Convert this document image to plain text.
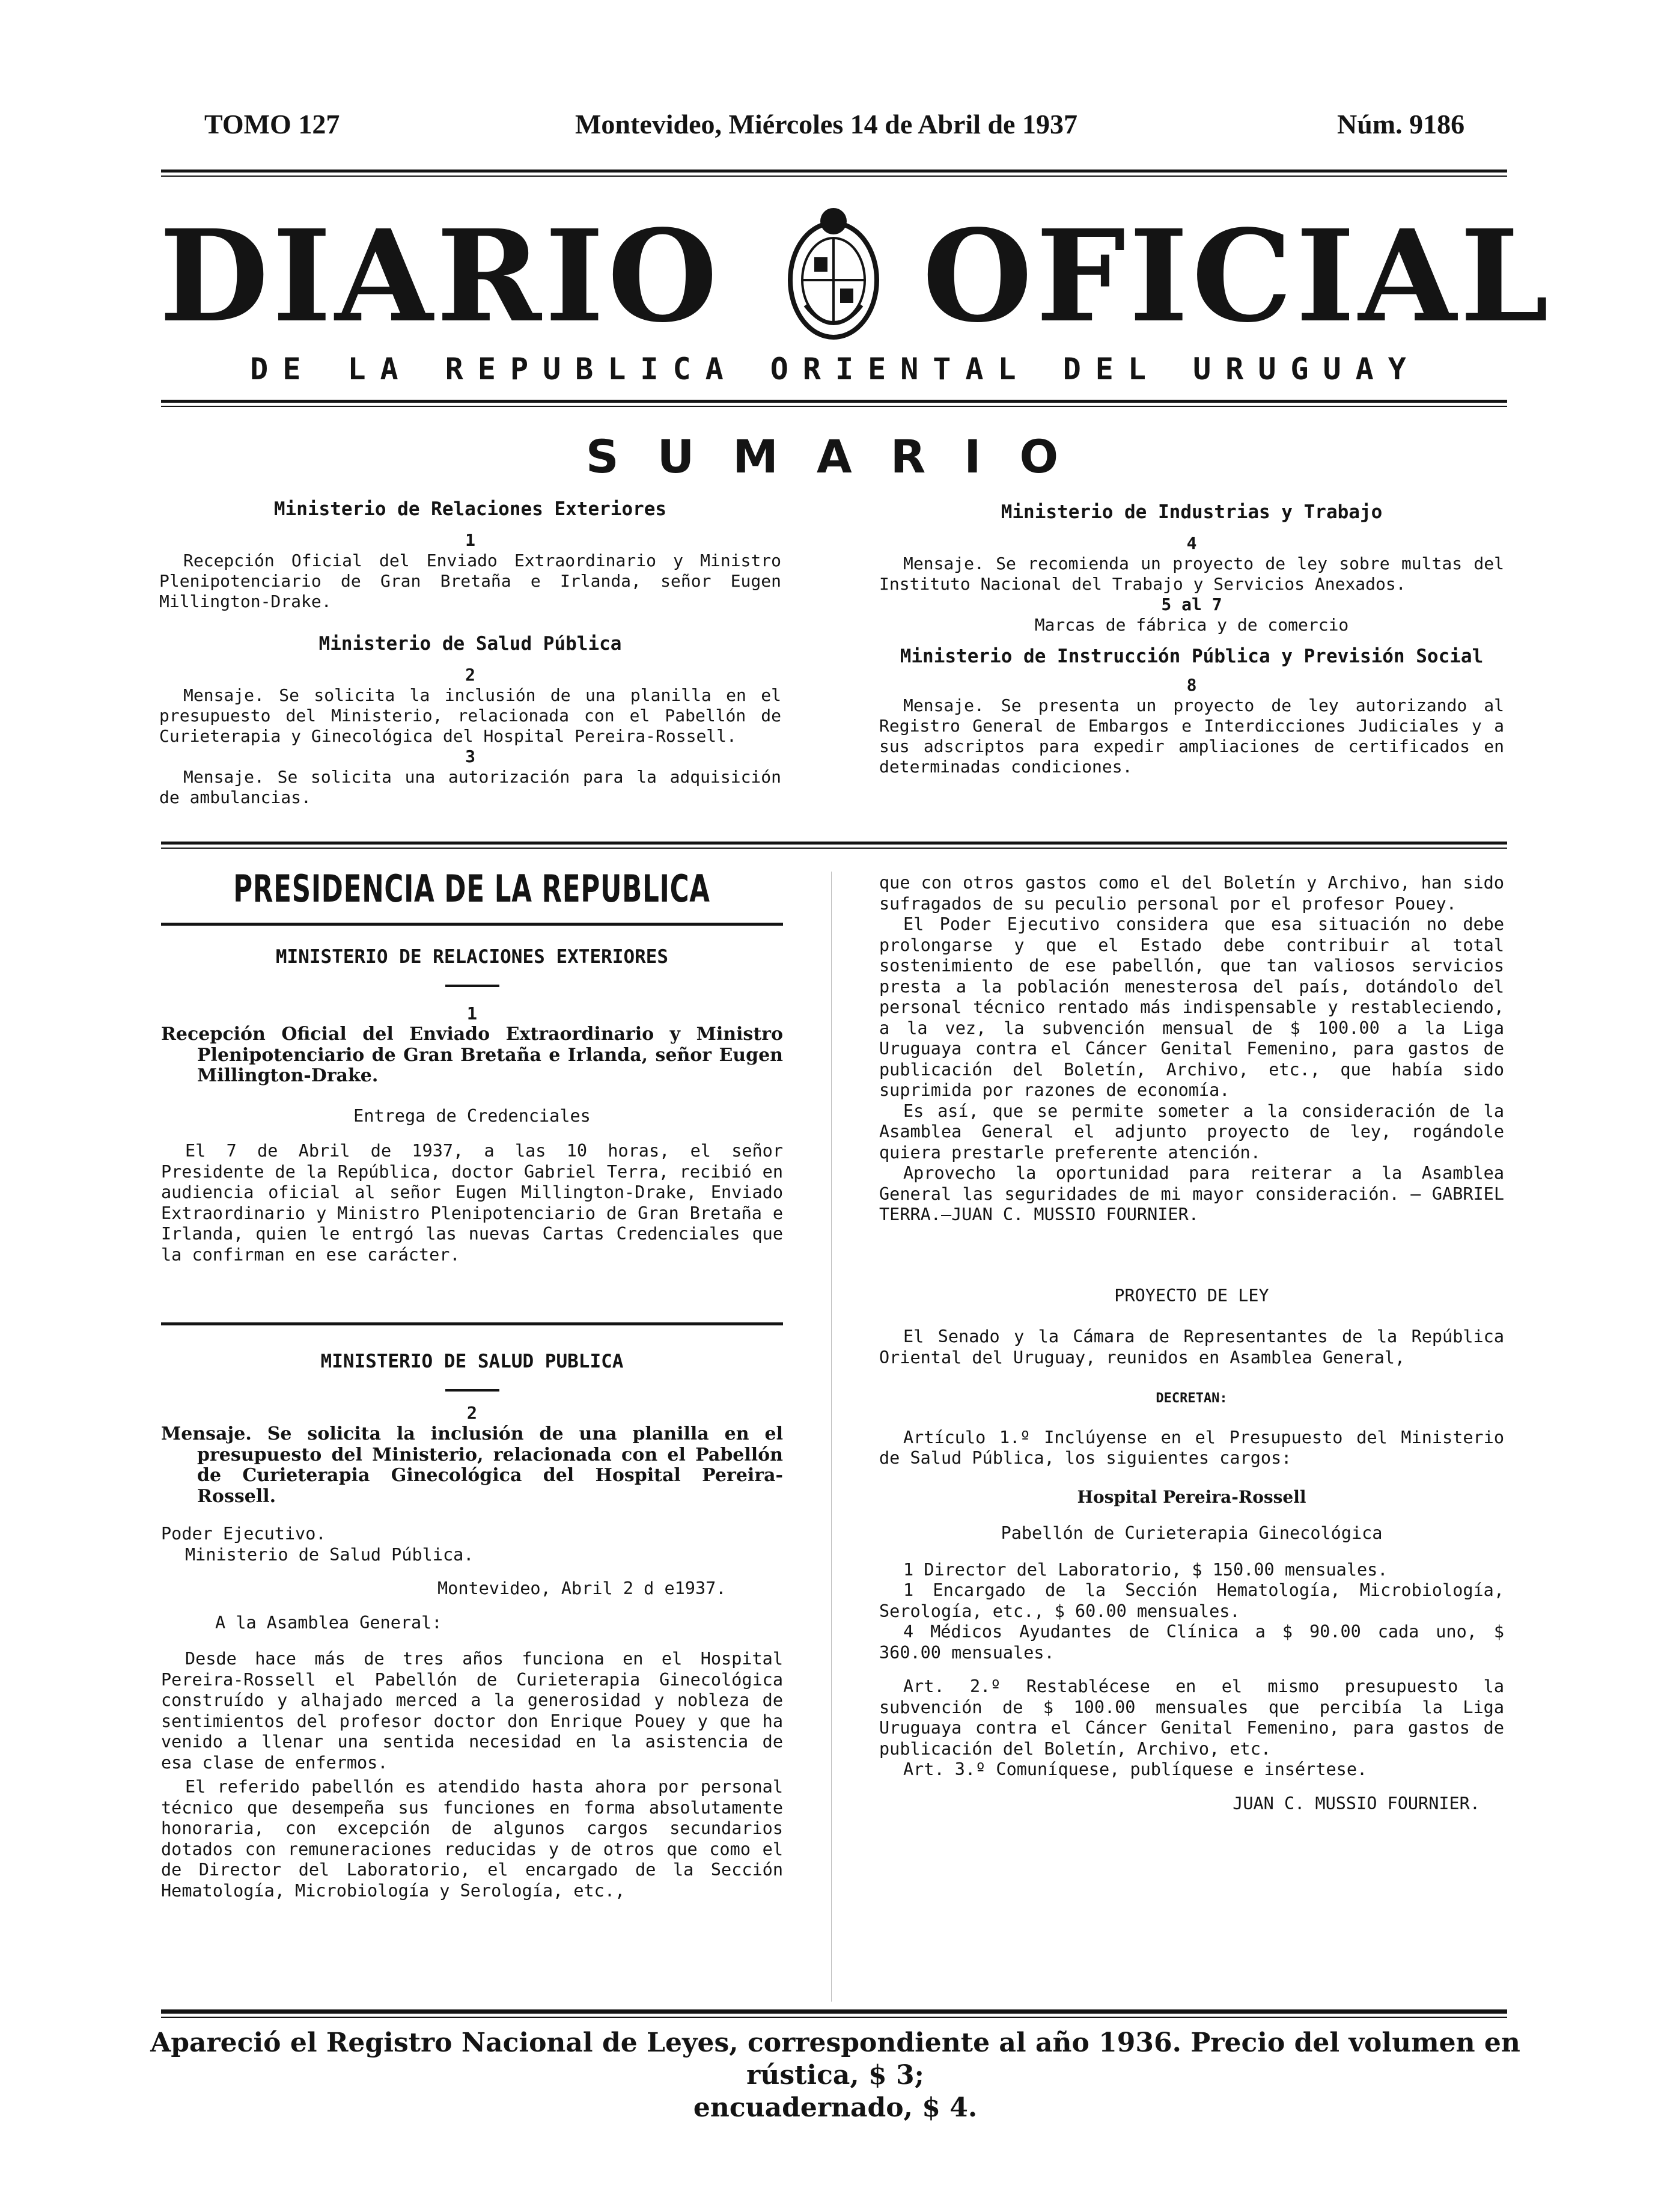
TOMO 127	Montevideo, Miércoles 14 de Abril de 1937	Núm. 9186
DIARIO OFICIAL
DE LA REPUBLICA ORIENTAL DEL URUGUAY
SUMARIO
Ministerio de Relaciones Exteriores
1
Recepción Oficial del Enviado Extraordinario y Ministro Plenipotenciario de Gran Bretaña e Irlanda, señor Eugen Millington-Drake.
Ministerio de Salud Pública
2
Mensaje. Se solicita la inclusión de una planilla en el presupuesto del Ministerio, relacionada con el Pabellón de Curieterapia y Ginecológica del Hospital Pereira-Rossell.
3
Mensaje. Se solicita una autorización para la adquisición de ambulancias.
Ministerio de Industrias y Trabajo
4
Mensaje. Se recomienda un proyecto de ley sobre multas del Instituto Nacional del Trabajo y Servicios Anexados.
5 al 7
Marcas de fábrica y de comercio
Ministerio de Instrucción Pública y Previsión Social
8
Mensaje. Se presenta un proyecto de ley autorizando al Registro General de Embargos e Interdicciones Judiciales y a sus adscriptos para expedir ampliaciones de certificados en determinadas condiciones.
PRESIDENCIA DE LA REPUBLICA

MINISTERIO DE RELACIONES EXTERIORES

1

Recepción Oficial del Enviado Extraordinario y Ministro Plenipotenciario de Gran Bretaña e Irlanda, señor Eugen Millington-Drake.

Entrega de Credenciales

El 7 de Abril de 1937, a las 10 horas, el señor Presidente de la República, doctor Gabriel Terra, recibió en audiencia oficial al señor Eugen Millington-Drake, Enviado Extraordinario y Ministro Plenipotenciario de Gran Bretaña e Irlanda, quien le entrgó las nuevas Cartas Credenciales que la confirman en ese carácter.

MINISTERIO DE SALUD PUBLICA

2

Mensaje. Se solicita la inclusión de una planilla en el presupuesto del Ministerio, relacionada con el Pabellón de Curieterapia Ginecológica del Hospital Pereira-Rossell.

Poder Ejecutivo.

Ministerio de Salud Pública.

Montevideo, Abril 2 d e1937.

A la Asamblea General:

Desde hace más de tres años funciona en el Hospital Pereira-Rossell el Pabellón de Curieterapia Ginecológica construído y alhajado merced a la generosidad y nobleza de sentimientos del profesor doctor don Enrique Pouey y que ha venido a llenar una sentida necesidad en la asistencia de esa clase de enfermos.

El referido pabellón es atendido hasta ahora por personal técnico que desempeña sus funciones en forma absolutamente honoraria, con excepción de algunos cargos secundarios dotados con remuneraciones reducidas y de otros que como el de Director del Laboratorio, el encargado de la Sección Hematología, Microbiología y Serología, etc.,

que con otros gastos como el del Boletín y Archivo, han sido sufragados de su peculio personal por el profesor Pouey.

El Poder Ejecutivo considera que esa situación no debe prolongarse y que el Estado debe contribuir al total sostenimiento de ese pabellón, que tan valiosos servicios presta a la población menesterosa del país, dotándolo del personal técnico rentado más indispensable y restableciendo, a la vez, la subvención mensual de $ 100.00 a la Liga Uruguaya contra el Cáncer Genital Femenino, para gastos de publicación del Boletín, Archivo, etc., que había sido suprimida por razones de economía.

Es así, que se permite someter a la consideración de la Asamblea General el adjunto proyecto de ley, rogándole quiera prestarle preferente atención.

Aprovecho la oportunidad para reiterar a la Asamblea General las seguridades de mi mayor consideración. — GABRIEL TERRA.—JUAN C. MUSSIO FOURNIER.

PROYECTO DE LEY

El Senado y la Cámara de Representantes de la República Oriental del Uruguay, reunidos en Asamblea General,

DECRETAN:

Artículo 1.º Inclúyense en el Presupuesto del Ministerio de Salud Pública, los siguientes cargos:

Hospital Pereira-Rossell

Pabellón de Curieterapia Ginecológica

1 Director del Laboratorio, $ 150.00 mensuales.

1 Encargado de la Sección Hematología, Microbiología, Serología, etc., $ 60.00 mensuales.

4 Médicos Ayudantes de Clínica a $ 90.00 cada uno, $ 360.00 mensuales.

Art. 2.º Restablécese en el mismo presupuesto la subvención de $ 100.00 mensuales que percibía la Liga Uruguaya contra el Cáncer Genital Femenino, para gastos de publicación del Boletín, Archivo, etc.

Art. 3.º Comuníquese, publíquese e insértese.

JUAN C. MUSSIO FOURNIER.

Apareció el Registro Nacional de Leyes, correspondiente al año 1936. Precio del volumen en rústica, $ 3;
encuadernado, $ 4.
